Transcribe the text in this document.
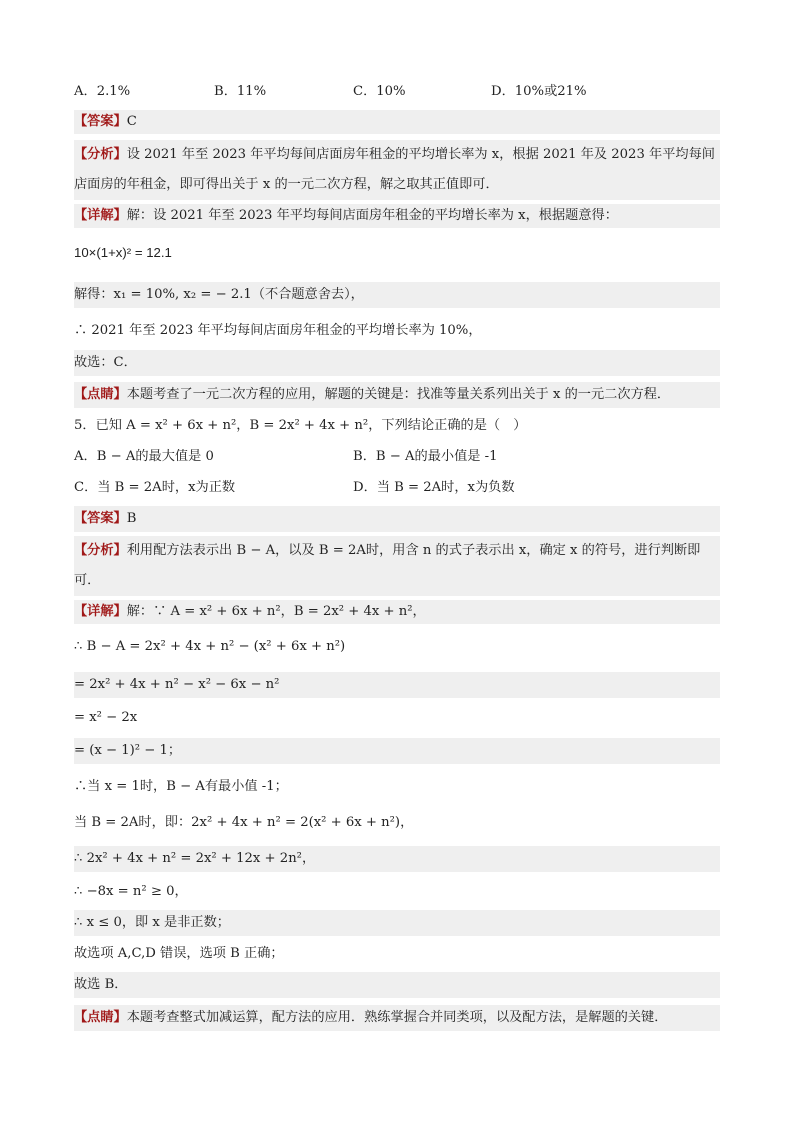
A．2.1%	B．11%	C．10%	D．10%或21%
【答案】C
【分析】设 2021 年至 2023 年平均每间店面房年租金的平均增长率为 x，根据 2021 年及 2023 年平均每间
店面房的年租金，即可得出关于 x 的一元二次方程，解之取其正值即可．
【详解】解：设 2021 年至 2023 年平均每间店面房年租金的平均增长率为 x，根据题意得：
10×(1+x)² = 12.1
解得：x₁ = 10%, x₂ = − 2.1（不合题意舍去），
∴ 2021 年至 2023 年平均每间店面房年租金的平均增长率为 10%，
故选：C．
【点睛】本题考查了一元二次方程的应用，解题的关键是：找准等量关系列出关于 x 的一元二次方程．
5．已知 A = x² + 6x + n²，B = 2x² + 4x + n²，下列结论正确的是（　）
A．B − A的最大值是 0	B．B − A的最小值是 -1
C．当 B = 2A时，x为正数	D．当 B = 2A时，x为负数
【答案】B
【分析】利用配方法表示出 B − A，以及 B = 2A时，用含 n 的式子表示出 x，确定 x 的符号，进行判断即
可．
【详解】解：∵ A = x² + 6x + n²，B = 2x² + 4x + n²，
∴ B − A = 2x² + 4x + n² − (x² + 6x + n²)
= 2x² + 4x + n² − x² − 6x − n²
= x² − 2x
= (x − 1)² − 1；
∴当 x = 1时，B − A有最小值 -1；
当 B = 2A时，即：2x² + 4x + n² = 2(x² + 6x + n²)，
∴ 2x² + 4x + n² = 2x² + 12x + 2n²，
∴ −8x = n² ≥ 0，
∴ x ≤ 0，即 x 是非正数；
故选项 A,C,D 错误，选项 B 正确；
故选 B．
【点睛】本题考查整式加减运算，配方法的应用．熟练掌握合并同类项，以及配方法，是解题的关键．
